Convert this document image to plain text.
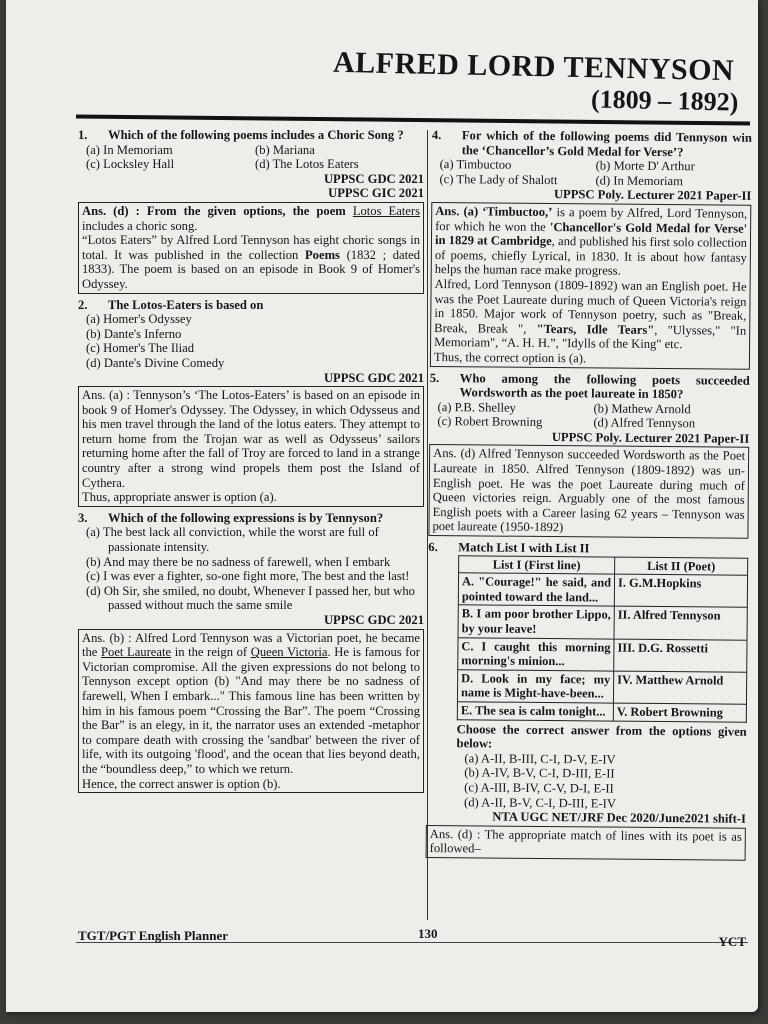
ALFRED LORD TENNYSON
(1809 – 1892)
1. Which of the following poems includes a Choric Song ?
(a) In Memoriam	(b) Mariana
(c) Locksley Hall	(d) The Lotos Eaters
UPPSC GDC 2021
UPPSC GIC 2021
Ans. (d) : From the given options, the poem Lotos Eaters includes a choric song.
“Lotos Eaters” by Alfred Lord Tennyson has eight choric songs in total. It was published in the collection Poems (1832 ; dated 1833). The poem is based on an episode in Book 9 of Homer's Odyssey.
2. The Lotos-Eaters is based on
(a) Homer's Odyssey
(b) Dante's Inferno
(c) Homer's The Iliad
(d) Dante's Divine Comedy
UPPSC GDC 2021
Ans. (a) : Tennyson’s ‘The Lotos-Eaters’ is based on an episode in book 9 of Homer's Odyssey. The Odyssey, in which Odysseus and his men travel through the land of the lotus eaters. They attempt to return home from the Trojan war as well as Odysseus’ sailors returning home after the fall of Troy are forced to land in a strange country after a strong wind propels them post the Island of Cythera.
Thus, appropriate answer is option (a).
3. Which of the following expressions is by Tennyson?
(a) The best lack all conviction, while the worst are full of passionate intensity.
(b) And may there be no sadness of farewell, when I embark
(c) I was ever a fighter, so-one fight more, The best and the last!
(d) Oh Sir, she smiled, no doubt, Whenever I passed her, but who passed without much the same smile
UPPSC GDC 2021
Ans. (b) : Alfred Lord Tennyson was a Victorian poet, he became the Poet Laureate in the reign of Queen Victoria. He is famous for Victorian compromise. All the given expressions do not belong to Tennyson except option (b) "And may there be no sadness of farewell, When I embark..." This famous line has been written by him in his famous poem “Crossing the Bar”. The poem “Crossing the Bar” is an elegy, in it, the narrator uses an extended -metaphor to compare death with crossing the 'sandbar' between the river of life, with its outgoing 'flood', and the ocean that lies beyond death, the “boundless deep,” to which we return.
Hence, the correct answer is option (b).
4. For which of the following poems did Tennyson win the ‘Chancellor’s Gold Medal for Verse’?
(a) Timbuctoo	(b) Morte D' Arthur
(c) The Lady of Shalott	(d) In Memoriam
UPPSC Poly. Lecturer 2021 Paper-II
Ans. (a) ‘Timbuctoo,’ is a poem by Alfred, Lord Tennyson, for which he won the 'Chancellor's Gold Medal for Verse' in 1829 at Cambridge, and published his first solo collection of poems, chiefly Lyrical, in 1830. It is about how fantasy helps the human race make progress.
Alfred, Lord Tennyson (1809-1892) wan an English poet. He was the Poet Laureate during much of Queen Victoria's reign in 1850. Major work of Tennyson poetry, such as "Break, Break, Break ", "Tears, Idle Tears", "Ulysses," "In Memoriam", “A. H. H.”, "Idylls of the King" etc.
Thus, the correct option is (a).
5. Who among the following poets succeeded Wordsworth as the poet laureate in 1850?
(a) P.B. Shelley	(b) Mathew Arnold
(c) Robert Browning	(d) Alfred Tennyson
UPPSC Poly. Lecturer 2021 Paper-II
Ans. (d) Alfred Tennyson succeeded Wordsworth as the Poet Laureate in 1850. Alfred Tennyson (1809-1892) was un-English poet. He was the poet Laureate during much of Queen victories reign. Arguably one of the most famous English poets with a Career lasing 62 years – Tennyson was poet laureate (1950-1892)
6. Match List I with List II
List I (First line)	List II (Poet)
A. "Courage!" he said, and pointed toward the land...	I. G.M.Hopkins
B. I am poor brother Lippo, by your leave!	II. Alfred Tennyson
C. I caught this morning morning's minion...	III. D.G. Rossetti
D. Look in my face; my name is Might-have-been...	IV. Matthew Arnold
E. The sea is calm tonight...	V. Robert Browning
Choose the correct answer from the options given below:
(a) A-II, B-III, C-I, D-V, E-IV
(b) A-IV, B-V, C-I, D-III, E-II
(c) A-III, B-IV, C-V, D-I, E-II
(d) A-II, B-V, C-I, D-III, E-IV
NTA UGC NET/JRF Dec 2020/June2021 shift-I
Ans. (d) : The appropriate match of lines with its poet is as followed–
TGT/PGT English Planner	130
YCT
